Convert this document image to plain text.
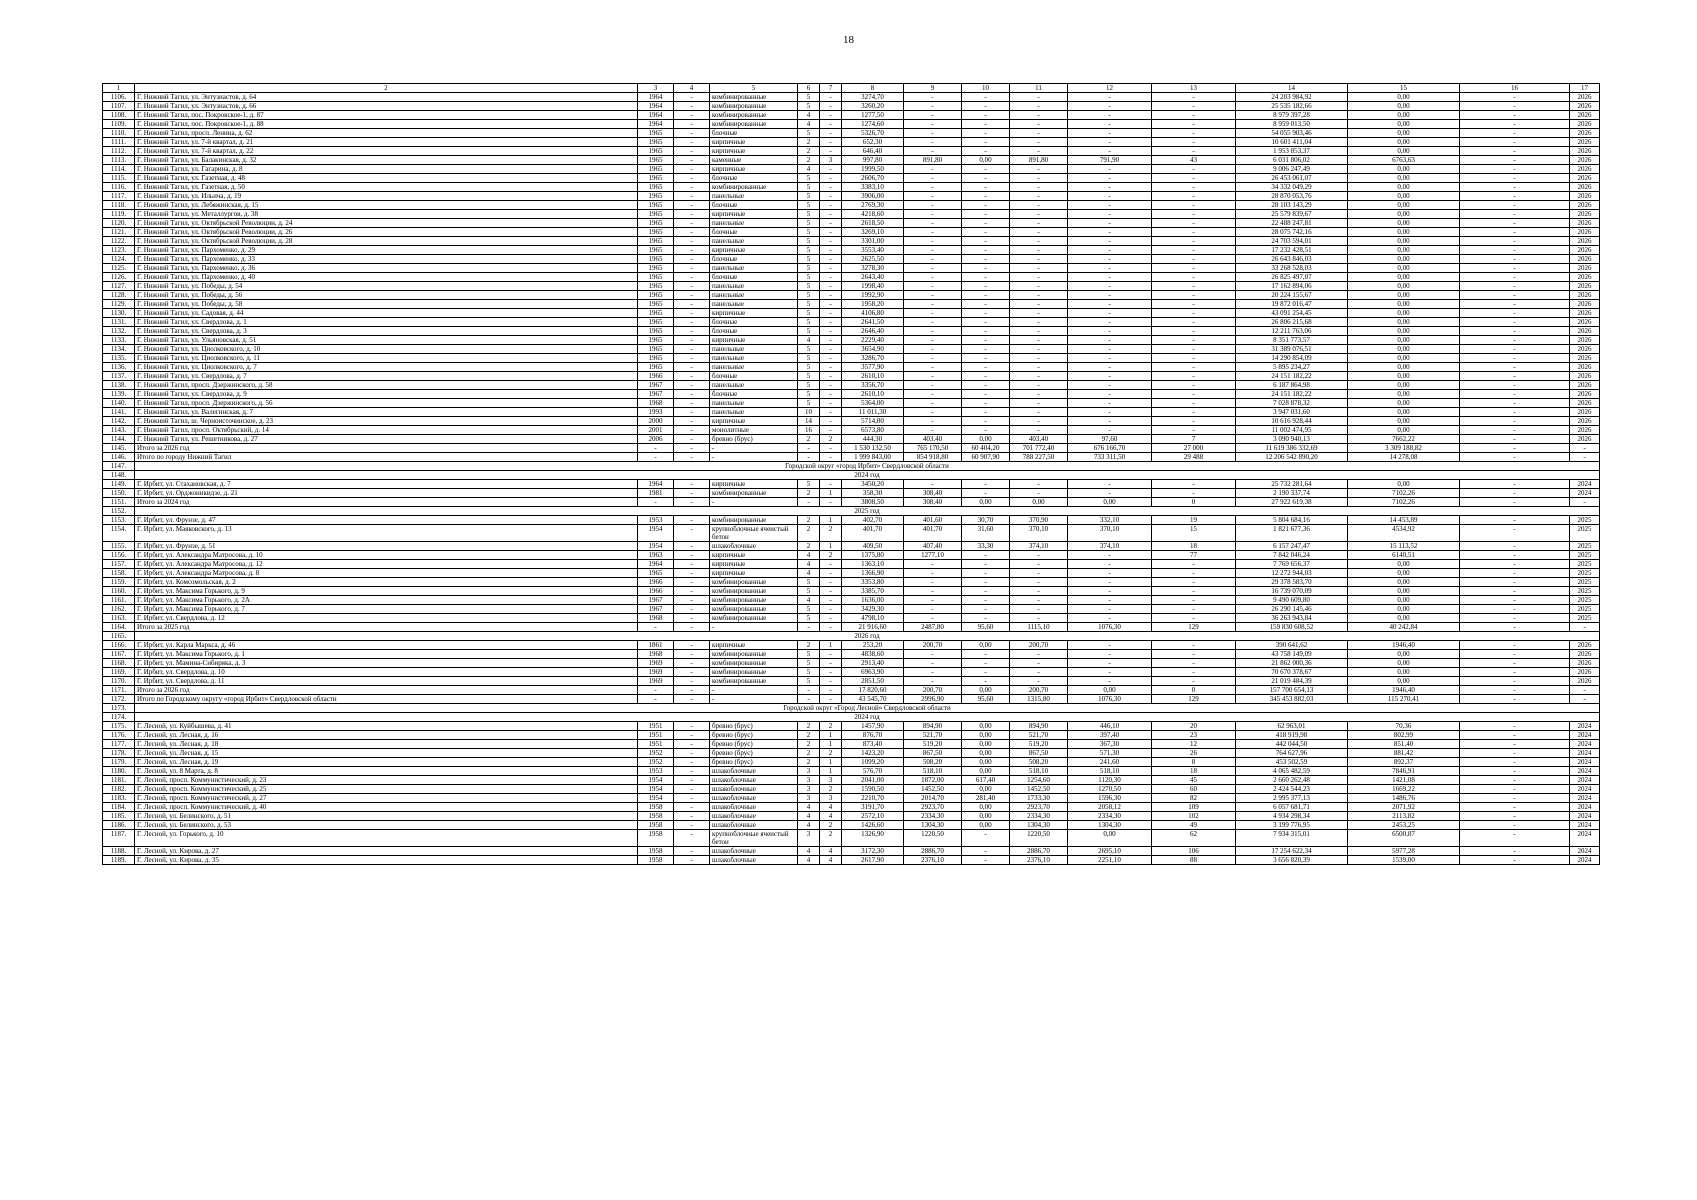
18
1	2	3	4	5	6	7	8	9	10	11	12	13	14	15	16	17
1106.	Г. Нижний Тагил, ул. Энтузиастов, д. 64	1964	-	комбинированные	5	-	3274,70	-	-	-	-	-	24 203 984,92	0,00	-	2026
1107.	Г. Нижний Тагил, ул. Энтузиастов, д. 66	1964	-	комбинированные	5	-	3260,20	-	-	-	-	-	25 535 182,66	0,00	-	2026
1108.	Г. Нижний Тагил, пос. Покровское-1, д. 87	1964	-	комбинированные	4	-	1277,50	-	-	-	-	-	8 979 397,28	0,00	-	2026
1109.	Г. Нижний Тагил, пос. Покровское-1, д. 88	1964	-	комбинированные	4	-	1274,60	-	-	-	-	-	8 959 013,50	0,00	-	2026
1110.	Г. Нижний Тагил, просп. Ленина, д. 62	1965	-	блочные	5	-	5326,70	-	-	-	-	-	54 055 903,46	0,00	-	2026
1111.	Г. Нижний Тагил, ул. 7-й квартал, д. 21	1965	-	кирпичные	2	-	652,30	-	-	-	-	-	10 601 411,04	0,00	-	2026
1112.	Г. Нижний Тагил, ул. 7-й квартал, д. 22	1965	-	кирпичные	2	-	646,40	-	-	-	-	-	1 953 853,37	0,00	-	2026
1113.	Г. Нижний Тагил, ул. Балакинская, д. 32	1965	-	каменные	2	3	997,80	891,80	0,00	891,80	791,90	43	6 031 806,02	6763,63	-	2026
1114.	Г. Нижний Тагил, ул. Гагарина, д. 8	1965	-	кирпичные	4	-	1999,50	-	-	-	-	-	9 006 247,49	0,00	-	2026
1115.	Г. Нижний Тагил, ул. Газетная, д. 48	1965	-	блочные	5	-	2606,70	-	-	-	-	-	26 453 061,07	0,00	-	2026
1116.	Г. Нижний Тагил, ул. Газетная, д. 50	1965	-	комбинированные	5	-	3383,10	-	-	-	-	-	34 332 049,29	0,00	-	2026
1117.	Г. Нижний Тагил, ул. Ильича, д. 19	1965	-	панельные	5	-	3906,00	-	-	-	-	-	28 870 053,76	0,00	-	2026
1118.	Г. Нижний Тагил, ул. Лебяжинская, д. 15	1965	-	блочные	5	-	2769,30	-	-	-	-	-	28 103 143,29	0,00	-	2026
1119.	Г. Нижний Тагил, ул. Металлургов, д. 38	1965	-	кирпичные	5	-	4218,60	-	-	-	-	-	25 579 839,67	0,00	-	2026
1120.	Г. Нижний Тагил, ул. Октябрьской Революции, д. 24	1965	-	панельные	5	-	2618,50	-	-	-	-	-	22 488 247,81	0,00	-	2026
1121.	Г. Нижний Тагил, ул. Октябрьской Революции, д. 26	1965	-	блочные	5	-	3269,10	-	-	-	-	-	28 075 742,16	0,00	-	2026
1122.	Г. Нижний Тагил, ул. Октябрьской Революции, д. 28	1965	-	панельные	5	-	3301,00	-	-	-	-	-	24 703 594,01	0,00	-	2026
1123.	Г. Нижний Тагил, ул. Пархоменко, д. 29	1965	-	кирпичные	5	-	3553,40	-	-	-	-	-	17 232 428,51	0,00	-	2026
1124.	Г. Нижний Тагил, ул. Пархоменко, д. 33	1965	-	блочные	5	-	2625,50	-	-	-	-	-	26 643 846,03	0,00	-	2026
1125.	Г. Нижний Тагил, ул. Пархоменко, д. 36	1965	-	панельные	5	-	3278,30	-	-	-	-	-	33 268 528,03	0,00	-	2026
1126.	Г. Нижний Тагил, ул. Пархоменко, д. 40	1965	-	блочные	5	-	2643,40	-	-	-	-	-	26 825 497,07	0,00	-	2026
1127.	Г. Нижний Тагил, ул. Победы, д. 54	1965	-	панельные	5	-	1998,40	-	-	-	-	-	17 162 894,06	0,00	-	2026
1128.	Г. Нижний Тагил, ул. Победы, д. 56	1965	-	панельные	5	-	1992,90	-	-	-	-	-	20 224 155,67	0,00	-	2026
1129.	Г. Нижний Тагил, ул. Победы, д. 58	1965	-	панельные	5	-	1958,20	-	-	-	-	-	19 872 016,47	0,00	-	2026
1130.	Г. Нижний Тагил, ул. Садовая, д. 44	1965	-	кирпичные	5	-	4106,80	-	-	-	-	-	43 091 254,45	0,00	-	2026
1131.	Г. Нижний Тагил, ул. Свердлова, д. 1	1965	-	блочные	5	-	2641,50	-	-	-	-	-	26 806 215,68	0,00	-	2026
1132.	Г. Нижний Тагил, ул. Свердлова, д. 3	1965	-	блочные	5	-	2646,40	-	-	-	-	-	12 211 763,06	0,00	-	2026
1133.	Г. Нижний Тагил, ул. Ульяновская, д. 51	1965	-	кирпичные	4	-	2229,40	-	-	-	-	-	8 351 773,57	0,00	-	2026
1134.	Г. Нижний Тагил, ул. Циолковского, д. 10	1965	-	панельные	5	-	3654,90	-	-	-	-	-	31 389 076,51	0,00	-	2026
1135.	Г. Нижний Тагил, ул. Циолковского, д. 11	1965	-	панельные	5	-	3286,70	-	-	-	-	-	14 290 854,09	0,00	-	2026
1136.	Г. Нижний Тагил, ул. Циолковского, д. 7	1965	-	панельные	5	-	3577,90	-	-	-	-	-	5 895 234,27	0,00	-	2026
1137.	Г. Нижний Тагил, ул. Свердлова, д. 7	1966	-	блочные	5	-	2610,10	-	-	-	-	-	24 151 182,22	0,00	-	2026
1138.	Г. Нижний Тагил, просп. Дзержинского, д. 58	1967	-	панельные	5	-	3356,70	-	-	-	-	-	6 187 864,98	0,00	-	2026
1139.	Г. Нижний Тагил, ул. Свердлова, д. 9	1967	-	блочные	5	-	2610,10	-	-	-	-	-	24 151 182,22	0,00	-	2026
1140.	Г. Нижний Тагил, просп. Дзержинского, д. 56	1968	-	панельные	5	-	5364,00	-	-	-	-	-	7 028 878,32	0,00	-	2026
1141.	Г. Нижний Тагил, ул. Валегинская, д. 7	1993	-	панельные	10	-	11 011,30	-	-	-	-	-	3 947 031,60	0,00	-	2026
1142.	Г. Нижний Тагил, ш. Черноисточинское, д. 23	2000	-	кирпичные	14	-	5714,80	-	-	-	-	-	10 616 928,44	0,00	-	2026
1143.	Г. Нижний Тагил, просп. Октябрьский, д. 14	2001	-	монолитные	16	-	6573,80	-	-	-	-	-	11 002 474,95	0,00	-	2026
1144.	Г. Нижний Тагил, ул. Решетникова, д. 27	2006	-	бревно (брус)	2	2	444,30	403,40	0,00	403,40	97,60	7	3 090 940,13	7662,22	-	2026
1145.	Итого за 2026 год	-	-	-	-	-	1 530 132,50	765 170,50	60 404,20	701 772,40	676 166,70	27 000	11 619 386 332,69	3 309 188,82	-	-
1146.	Итого по городу Нижний Тагил	-	-	-	-	-	1 999 843,00	854 918,80	60 907,90	788 227,50	733 311,50	29 488	12 206 542 890,20	14 278,08	-	-
1147.	Городской округ «город Ирбит» Свердловской области															
1148.	2024 год															
1149.	Г. Ирбит, ул. Стахановская, д. 7	1964	-	кирпичные	5	-	3450,20	-	-	-	-	-	25 732 281,64	0,00	-	2024
1150.	Г. Ирбит, ул. Орджоникидзе, д. 21	1981	-	комбинированные	2	1	358,30	308,40	-	-	-	-	2 190 337,74	7102,26	-	2024
1151.	Итого за 2024 год	-	-	-	-	-	3808,50	308,40	0,00	0,00	0,00	0	27 922 619,38	7102,26	-	-
1152.	2025 год															
1153.	Г. Ирбит, ул. Фрунзе, д. 47	1953	-	комбинированные	2	1	402,70	401,60	30,70	370,90	332,10	19	5 804 684,16	14 453,89	-	2025
1154.	Г. Ирбит, ул. Маяковского, д. 13	1954	-	крупноблочные ячеистый бетон	2	2	401,70	401,70	31,60	370,10	370,10	15	1 821 677,36	4534,92	-	2025
1155.	Г. Ирбит, ул. Фрунзе, д. 51	1954	-	шлакоблочные	2	1	409,50	407,40	33,30	374,10	374,10	18	6 157 247,47	15 113,52	-	2025
1156.	Г. Ирбит, ул. Александра Матросова, д. 10	1963	-	кирпичные	4	2	1375,80	1277,10	-	-	-	77	7 842 046,24	6140,51	-	2025
1157.	Г. Ирбит, ул. Александра Матросова, д. 12	1964	-	кирпичные	4	-	1363,10	-	-	-	-	-	7 769 656,37	0,00	-	2025
1158.	Г. Ирбит, ул. Александра Матросова, д. 8	1965	-	кирпичные	4	-	1366,90	-	-	-	-	-	12 272 944,03	0,00	-	2025
1159.	Г. Ирбит, ул. Комсомольская, д. 2	1966	-	комбинированные	5	-	3353,80	-	-	-	-	-	29 378 583,70	0,00	-	2025
1160.	Г. Ирбит, ул. Максима Горького, д. 9	1966	-	комбинированные	5	-	3385,70	-	-	-	-	-	16 739 070,09	0,00	-	2025
1161.	Г. Ирбит, ул. Максима Горького, д. 2А	1967	-	комбинированные	4	-	1636,00	-	-	-	-	-	9 490 609,80	0,00	-	2025
1162.	Г. Ирбит, ул. Максима Горького, д. 7	1967	-	комбинированные	5	-	3429,30	-	-	-	-	-	26 290 145,46	0,00	-	2025
1163.	Г. Ирбит, ул. Свердлова, д. 12	1968	-	комбинированные	5	-	4798,10	-	-	-	-	-	36 263 943,84	0,00	-	2025
1164.	Итого за 2025 год	-	-	-	-	-	21 916,60	2487,80	95,60	1115,10	1076,30	129	159 830 608,52	40 242,84	-	-
1165.	2026 год															
1166.	Г. Ирбит, ул. Карла Маркса, д. 46	1861	-	кирпичные	2	1	253,20	200,70	0,00	200,70	-	-	390 641,62	1946,40	-	2026
1167.	Г. Ирбит, ул. Максима Горького, д. 1	1968	-	комбинированные	5	-	4838,60	-	-	-	-	-	43 758 149,09	0,00	-	2026
1168.	Г. Ирбит, ул. Мамина-Сибиряка, д. 3	1969	-	комбинированные	5	-	2913,40	-	-	-	-	-	21 862 000,36	0,00	-	2026
1169.	Г. Ирбит, ул. Свердлова, д. 10	1969	-	комбинированные	5	-	6963,90	-	-	-	-	-	70 670 378,67	0,00	-	2026
1170.	Г. Ирбит, ул. Свердлова, д. 11	1969	-	комбинированные	5	-	2851,50	-	-	-	-	-	21 019 484,39	0,00	-	2026
1171.	Итого за 2026 год	-	-	-	-	-	17 820,60	200,70	0,00	200,70	0,00	0	157 700 654,13	1946,40	-	-
1172.	Итого по Городскому округу «город Ирбит» Свердловской области	-	-	-	-	-	43 545,70	2996,90	95,60	1315,80	1076,30	129	345 453 882,03	115 270,41	-	-
1173.	Городской округ «Город Лесной» Свердловской области															
1174.	2024 год															
1175.	Г. Лесной, ул. Куйбышева, д. 41	1951	-	бревно (брус)	2	2	1457,90	894,90	0,00	894,90	446,10	20	62 963,01	70,36	-	2024
1176.	Г. Лесной, ул. Лесная, д. 16	1951	-	бревно (брус)	2	1	876,70	521,70	0,00	521,70	397,40	23	418 919,98	802,99	-	2024
1177.	Г. Лесной, ул. Лесная, д. 18	1951	-	бревно (брус)	2	1	873,40	519,20	0,00	519,20	367,30	12	442 044,50	851,40	-	2024
1178.	Г. Лесной, ул. Лесная, д. 15	1952	-	бревно (брус)	2	2	1423,20	867,50	0,00	867,50	571,30	26	764 627,96	881,42	-	2024
1179.	Г. Лесной, ул. Лесная, д. 19	1952	-	бревно (брус)	2	1	1099,20	508,20	0,00	508,20	241,60	8	453 502,59	892,37	-	2024
1180.	Г. Лесной, ул. 8 Марта, д. 8	1953	-	шлакоблочные	3	1	576,70	518,10	0,00	518,10	518,10	18	4 065 482,59	7846,91	-	2024
1181.	Г. Лесной, просп. Коммунистический, д. 23	1954	-	шлакоблочные	3	3	2041,00	1872,00	617,40	1254,60	1120,30	45	2 660 262,48	1421,08	-	2024
1182.	Г. Лесной, просп. Коммунистический, д. 25	1954	-	шлакоблочные	3	2	1590,50	1452,50	0,00	1452,50	1270,50	60	2 424 544,23	1669,22	-	2024
1183.	Г. Лесной, просп. Коммунистический, д. 27	1954	-	шлакоблочные	3	3	2210,70	2014,70	281,40	1733,30	1596,30	82	2 995 377,13	1486,76	-	2024
1184.	Г. Лесной, просп. Коммунистический, д. 40	1958	-	шлакоблочные	4	4	3191,70	2923,70	0,00	2923,70	2058,12	109	6 057 681,71	2071,92	-	2024
1185.	Г. Лесной, ул. Белинского, д. 51	1958	-	шлакоблочные	4	4	2572,10	2334,30	0,00	2334,30	2334,30	102	4 934 298,34	2113,82	-	2024
1186.	Г. Лесной, ул. Белинского, д. 53	1958	-	шлакоблочные	4	2	1426,60	1304,30	0,00	1304,30	1304,30	49	3 199 776,95	2453,25	-	2024
1187.	Г. Лесной, ул. Горького, д. 10	1958	-	крупноблочные ячеистый бетон	3	2	1326,90	1220,50	-	1220,50	0,00	62	7 934 315,01	6500,87	-	2024
1188.	Г. Лесной, ул. Кирова, д. 27	1958	-	шлакоблочные	4	4	3172,30	2886,70	-	2886,70	2695,10	106	17 254 622,34	5977,28	-	2024
1189.	Г. Лесной, ул. Кирова, д. 35	1958	-	шлакоблочные	4	4	2617,90	2376,10	-	2376,10	2251,10	88	3 656 820,39	1539,00	-	2024
